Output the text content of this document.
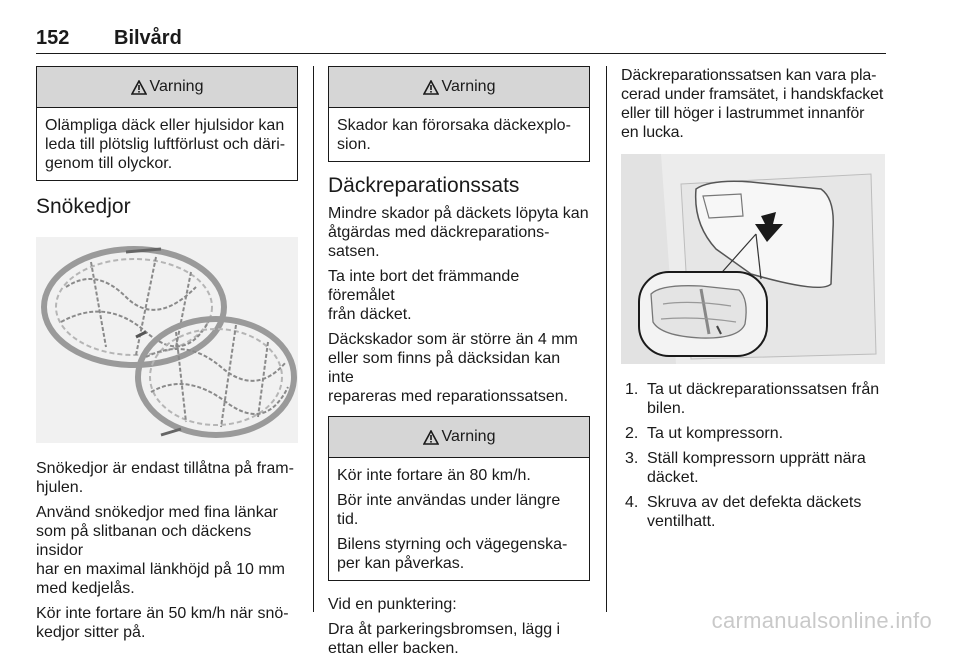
152 Bilvård
Varning
Olämpliga däck eller hjulsidor kan
leda till plötslig luftförlust och däri-
genom till olyckor.
Snökedjor

Snökedjor är endast tillåtna på fram-
hjulen.

Använd snökedjor med fina länkar
som på slitbanan och däckens insidor
har en maximal länkhöjd på 10 mm
med kedjelås.

Kör inte fortare än 50 km/h när snö-
kedjor sitter på.

Varning
Skador kan förorsaka däckexplo-
sion.
Däckreparationssats

Mindre skador på däckets löpyta kan
åtgärdas med däckreparations-
satsen.

Ta inte bort det främmande föremålet
från däcket.

Däckskador som är större än 4 mm
eller som finns på däcksidan kan inte
repareras med reparationssatsen.

Varning

Kör inte fortare än 80 km/h.

Bör inte användas under längre
tid.

Bilens styrning och vägegenska-
per kan påverkas.

Vid en punktering:

Dra åt parkeringsbromsen, lägg i
ettan eller backen.

Däckreparationssatsen kan vara pla-
cerad under framsätet, i handskfacket
eller till höger i lastrummet innanför
en lucka.

1. Ta ut däckreparationssatsen från
bilen.
2. Ta ut kompressorn.
3. Ställ kompressorn upprätt nära
däcket.
4. Skruva av det defekta däckets
ventilhatt.
carmanualsonline.info
